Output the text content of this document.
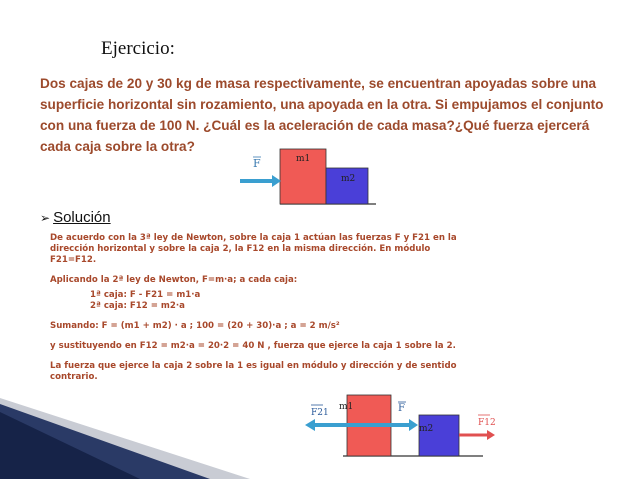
Ejercicio:

Dos cajas de 20 y 30 kg de masa respectivamente, se encuentran apoyadas sobre una

superficie horizontal sin rozamiento, una apoyada en la otra. Si empujamos el conjunto

con una fuerza de 100 N. ¿Cuál es la aceleración de cada masa?¿Qué fuerza ejercerá

cada caja sobre la otra?

m1
m2
F
➢ Solución

De acuerdo con la 3ª ley de Newton, sobre la caja 1 actúan las fuerzas F y F21 en la

dirección horizontal y sobre la caja 2, la F12 en la misma dirección. En módulo

F21=F12.

Aplicando la 2ª ley de Newton, F=m·a; a cada caja:

1ª caja: F - F21 = m1·a

2ª caja: F12 = m2·a

Sumando: F = (m1 + m2) · a ; 100 = (20 + 30)·a ; a = 2 m/s²

y sustituyendo en F12 = m2·a = 20·2 = 40 N , fuerza que ejerce la caja 1 sobre la 2.

La fuerza que ejerce la caja 2 sobre la 1 es igual en módulo y dirección y de sentido

contrario.

m1
m2
F21	F
F12
